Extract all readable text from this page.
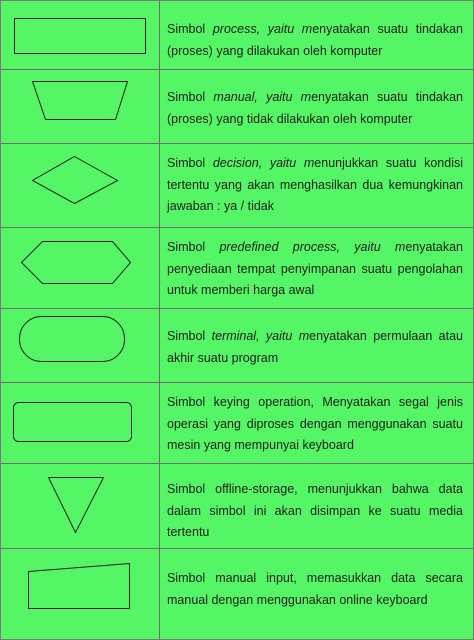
Simbol process, yaitu menyatakan suatu tindakan
(proses) yang dilakukan oleh komputer
Simbol manual, yaitu menyatakan suatu tindakan
(proses) yang tidak dilakukan oleh komputer
Simbol decision, yaitu menunjukkan suatu kondisi
tertentu yang akan menghasilkan dua kemungkinan
jawaban : ya / tidak
Simbol predefined process, yaitu menyatakan
penyediaan tempat penyimpanan suatu pengolahan
untuk memberi harga awal
Simbol terminal, yaitu menyatakan permulaan atau
akhir suatu program
Simbol keying operation, Menyatakan segal jenis
operasi yang diproses dengan menggunakan suatu
mesin yang mempunyai keyboard
Simbol offline-storage, menunjukkan bahwa data
dalam simbol ini akan disimpan ke suatu media
tertentu
Simbol manual input, memasukkan data secara
manual dengan menggunakan online keyboard
